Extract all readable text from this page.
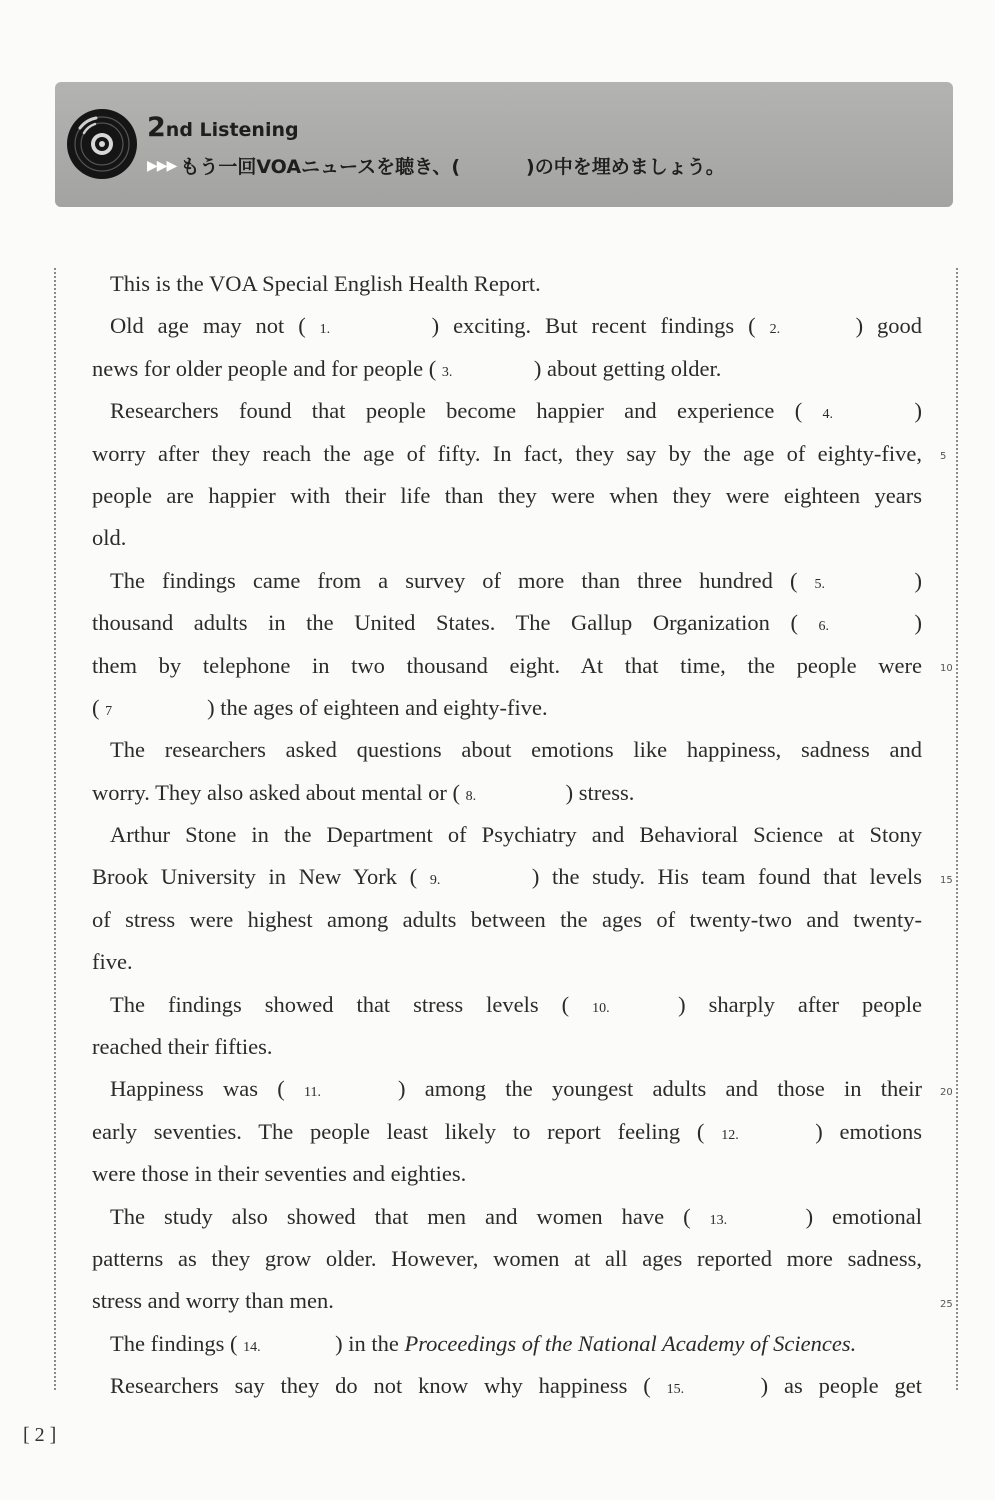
2nd Listening
▶▶▶ もう一回VOAニュースを聴き、(	)の中を埋めましょう。
This is the VOA Special English Health Report.
Old age may not ( 1.	) exciting. But recent findings ( 2.	) good
news for older people and for people ( 3.	) about getting older.
Researchers found that people become happier and experience ( 4.	)
worry after they reach the age of fifty. In fact, they say by the age of eighty-five,
people are happier with their life than they were when they were eighteen years
old.
The findings came from a survey of more than three hundred ( 5.	)
thousand adults in the United States. The Gallup Organization ( 6.	)
them by telephone in two thousand eight. At that time, the people were
( 7	) the ages of eighteen and eighty-five.
The researchers asked questions about emotions like happiness, sadness and
worry. They also asked about mental or ( 8.	) stress.
Arthur Stone in the Department of Psychiatry and Behavioral Science at Stony
Brook University in New York ( 9.	) the study. His team found that levels
of stress were highest among adults between the ages of twenty-two and twenty-
five.
The findings showed that stress levels ( 10.	) sharply after people
reached their fifties.
Happiness was ( 11.	) among the youngest adults and those in their
early seventies. The people least likely to report feeling ( 12.	) emotions
were those in their seventies and eighties.
The study also showed that men and women have ( 13.	) emotional
patterns as they grow older. However, women at all ages reported more sadness,
stress and worry than men.
The findings ( 14.	) in the Proceedings of the National Academy of Sciences.
Researchers say they do not know why happiness ( 15.	) as people get
5
10
15
20
25
[ 2 ]
